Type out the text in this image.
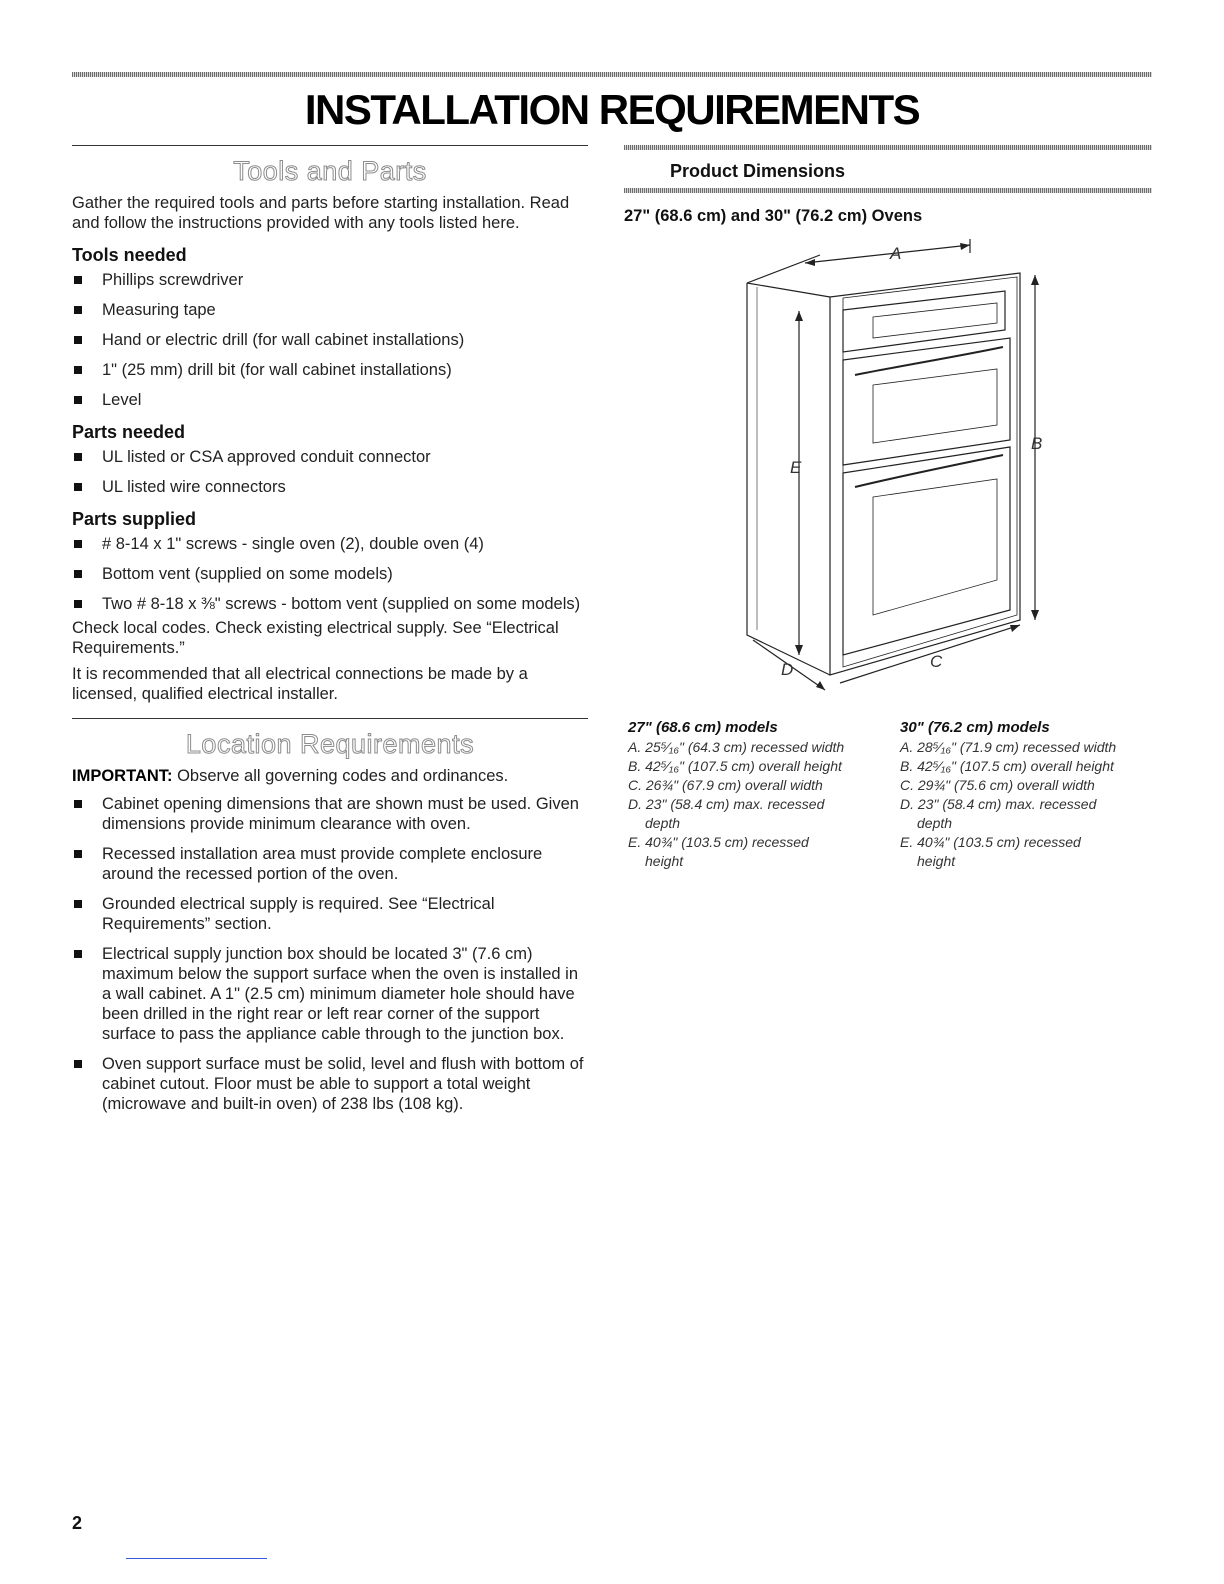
INSTALLATION REQUIREMENTS
Tools and Parts

Gather the required tools and parts before starting installation. Read and follow the instructions provided with any tools listed here.

Tools needed
Phillips screwdriver
Measuring tape
Hand or electric drill (for wall cabinet installations)
1" (25 mm) drill bit (for wall cabinet installations)
Level
Parts needed
UL listed or CSA approved conduit connector
UL listed wire connectors
Parts supplied
# 8-14 x 1" screws - single oven (2), double oven (4)
Bottom vent (supplied on some models)
Two # 8-18 x ⅜" screws - bottom vent (supplied on some models)

Check local codes. Check existing electrical supply. See “Electrical Requirements.”

It is recommended that all electrical connections be made by a licensed, qualified electrical installer.

Location Requirements
IMPORTANT: Observe all governing codes and ordinances.
Cabinet opening dimensions that are shown must be used. Given dimensions provide minimum clearance with oven.
Recessed installation area must provide complete enclosure around the recessed portion of the oven.
Grounded electrical supply is required. See “Electrical Requirements” section.
Electrical supply junction box should be located 3" (7.6 cm) maximum below the support surface when the oven is installed in a wall cabinet. A 1" (2.5 cm) minimum diameter hole should have been drilled in the right rear or left rear corner of the support surface to pass the appliance cable through to the junction box.
Oven support surface must be solid, level and flush with bottom of cabinet cutout. Floor must be able to support a total weight (microwave and built-in oven) of 238 lbs (108 kg).
Product Dimensions
27" (68.6 cm) and 30" (76.2 cm) Ovens
A
B
C
D
E
27" (68.6 cm) models
A. 25⁵⁄₁₆" (64.3 cm) recessed width
B. 42⁵⁄₁₆" (107.5 cm) overall height
C. 26¾" (67.9 cm) overall width
D. 23" (58.4 cm) max. recessed
depth
E. 40¾" (103.5 cm) recessed
height
30" (76.2 cm) models
A. 28⁵⁄₁₆" (71.9 cm) recessed width
B. 42⁵⁄₁₆" (107.5 cm) overall height
C. 29¾" (75.6 cm) overall width
D. 23" (58.4 cm) max. recessed
depth
E. 40¾" (103.5 cm) recessed
height
2
